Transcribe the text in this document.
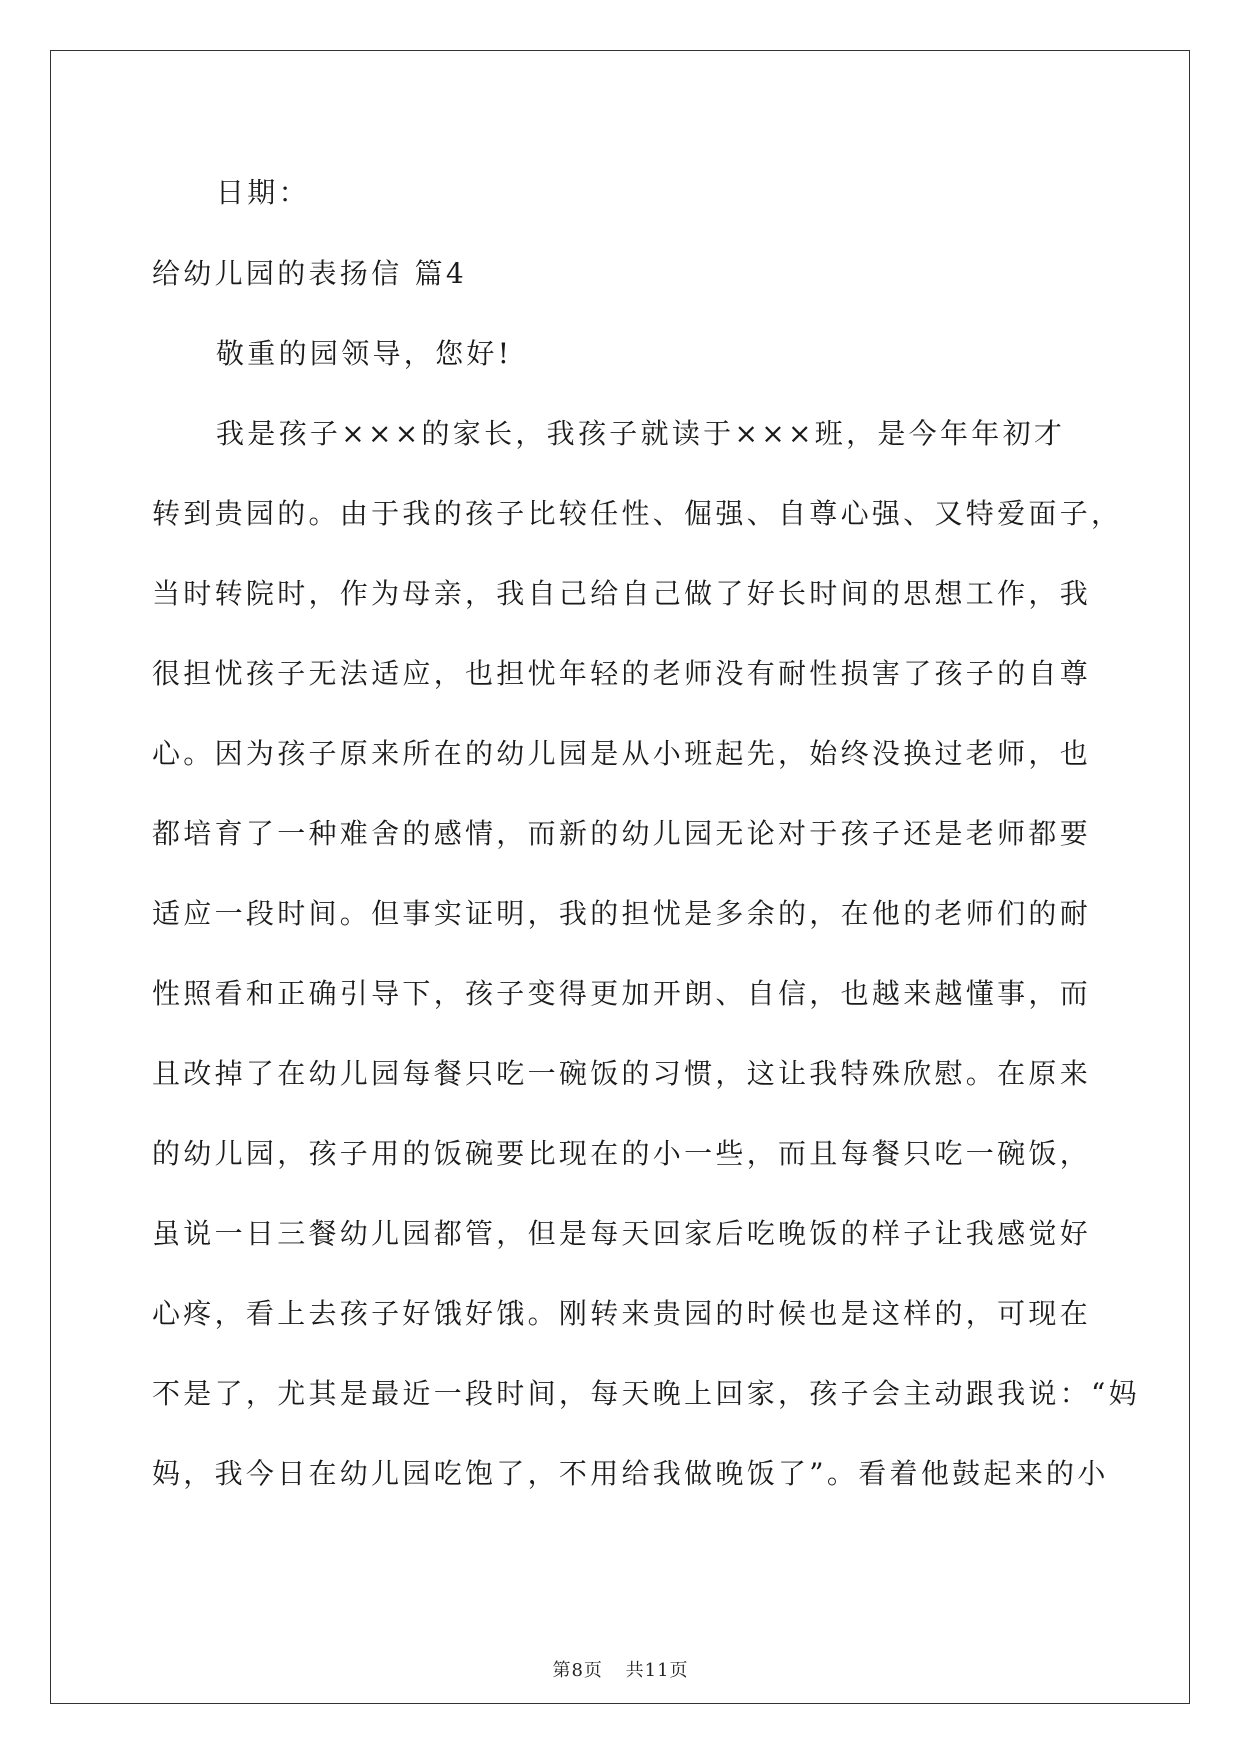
日期：
给幼儿园的表扬信 篇4
敬重的园领导，您好!
我是孩子×××的家长，我孩子就读于×××班，是今年年初才
转到贵园的。由于我的孩子比较任性、倔强、自尊心强、又特爱面子，
当时转院时，作为母亲，我自己给自己做了好长时间的思想工作，我
很担忧孩子无法适应，也担忧年轻的老师没有耐性损害了孩子的自尊
心。因为孩子原来所在的幼儿园是从小班起先，始终没换过老师，也
都培育了一种难舍的感情，而新的幼儿园无论对于孩子还是老师都要
适应一段时间。但事实证明，我的担忧是多余的，在他的老师们的耐
性照看和正确引导下，孩子变得更加开朗、自信，也越来越懂事，而
且改掉了在幼儿园每餐只吃一碗饭的习惯，这让我特殊欣慰。在原来
的幼儿园，孩子用的饭碗要比现在的小一些，而且每餐只吃一碗饭，
虽说一日三餐幼儿园都管，但是每天回家后吃晚饭的样子让我感觉好
心疼，看上去孩子好饿好饿。刚转来贵园的时候也是这样的，可现在
不是了，尤其是最近一段时间，每天晚上回家，孩子会主动跟我说：“妈
妈，我今日在幼儿园吃饱了，不用给我做晚饭了”。看着他鼓起来的小
第8页 共11页
